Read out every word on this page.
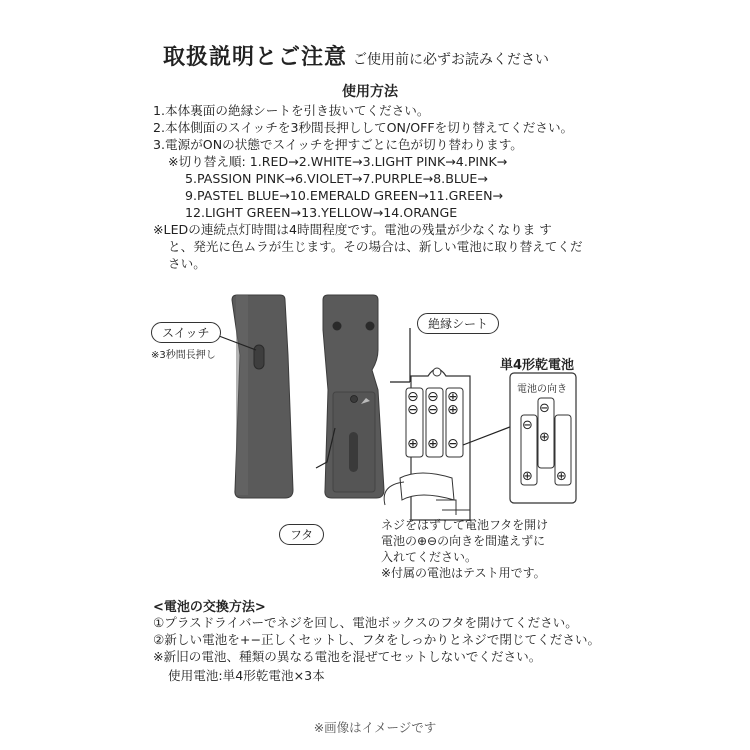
取扱説明とご注意 ご使用前に必ずお読みください
使用方法
1.本体裏面の絶縁シートを引き抜いてください。
2.本体側面のスイッチを3秒間長押ししてON/OFFを切り替えてください。
3.電源がONの状態でスイッチを押すごとに色が切り替わります。
※切り替え順: 1.RED→2.WHITE→3.LIGHT PINK→4.PINK→
5.PASSION PINK→6.VIOLET→7.PURPLE→8.BLUE→
9.PASTEL BLUE→10.EMERALD GREEN→11.GREEN→
12.LIGHT GREEN→13.YELLOW→14.ORANGE
※LEDの連続点灯時間は4時間程度です。電池の残量が少なくなりま す
と、発光に色ムラが生じます。その場合は、新しい電池に取り替えてくだ
さい。
⊖ ⊖ ⊕
⊖ ⊖ ⊕
⊕ ⊕ ⊖
⊖
⊖
⊕
⊕ ⊕
スイッチ
※3秒間長押し
絶縁シート
フタ
単4形乾電池
電池の向き
ネジをはずして電池フタを開け
電池の⊕⊖の向きを間違えずに
入れてください。
※付属の電池はテスト用です。
<電池の交換方法>
①プラスドライバーでネジを回し、電池ボックスのフタを開けてください。
②新しい電池を+−正しくセットし、フタをしっかりとネジで閉じてください。
※新旧の電池、種類の異なる電池を混ぜてセットしないでください。
使用電池:単4形乾電池×3本
※画像はイメージです
